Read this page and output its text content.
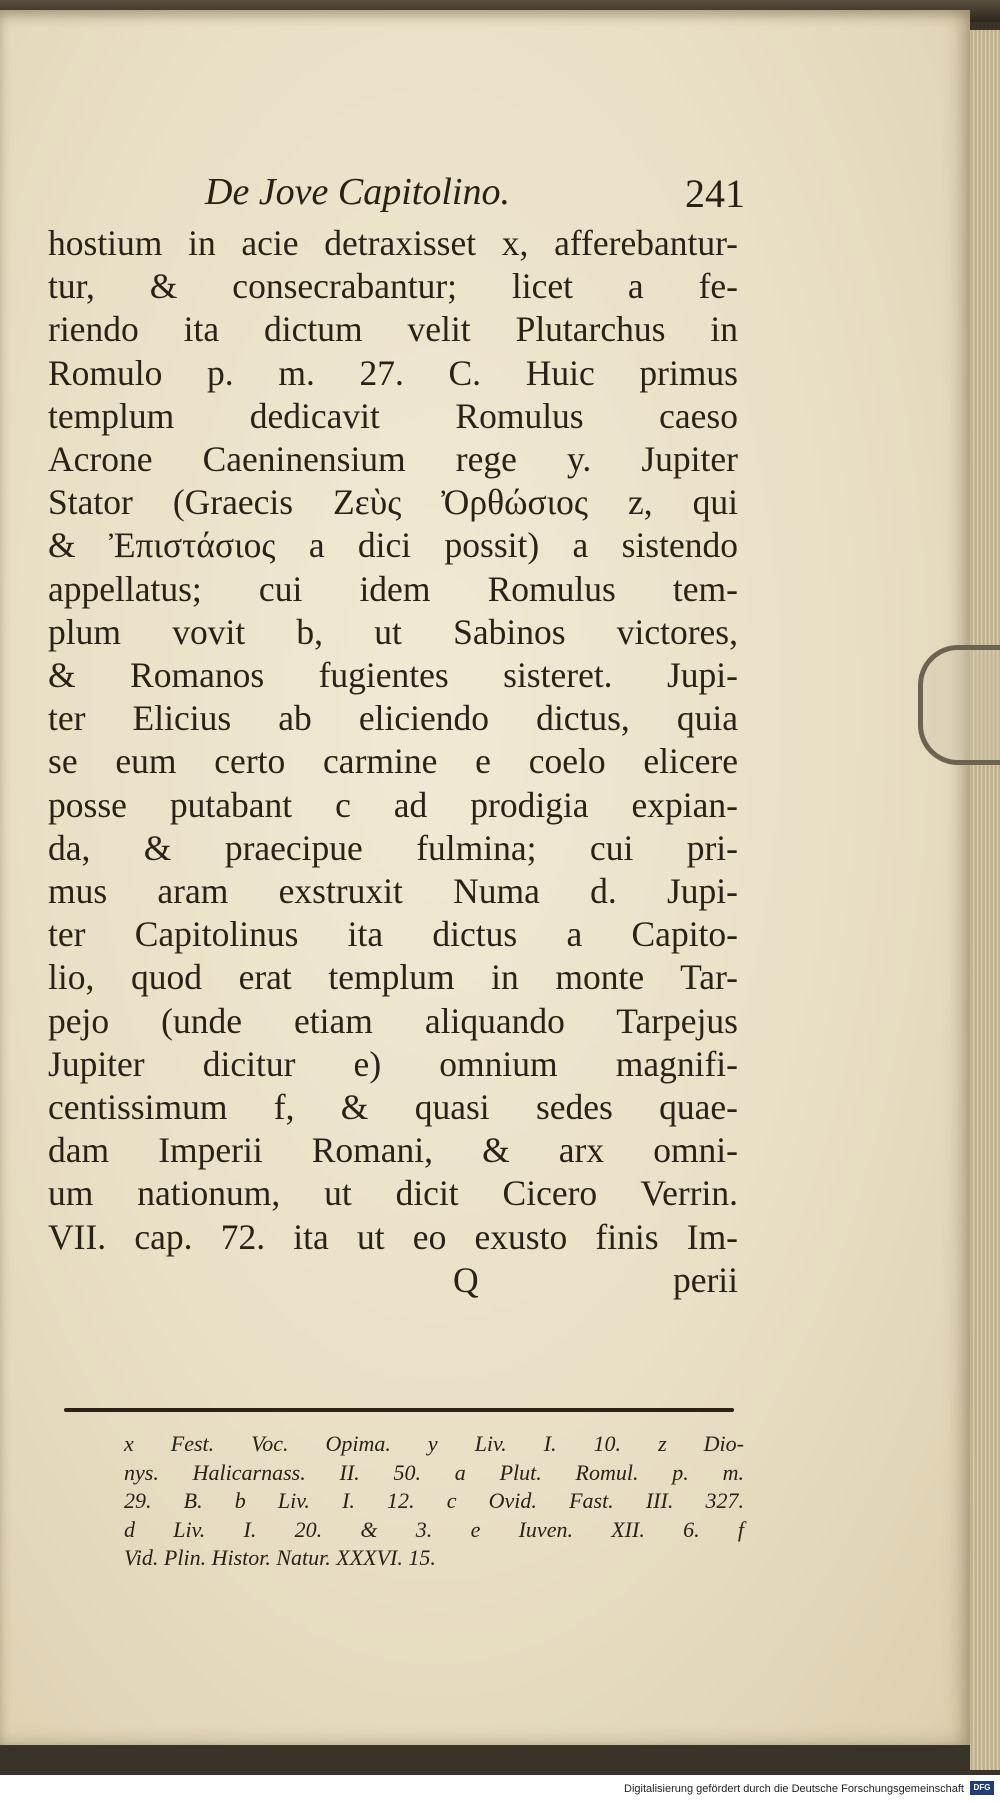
De Jove Capitolino.	241
hostium in acie detraxisset x, afferebantur-
tur, & consecrabantur; licet a fe-
riendo ita dictum velit Plutarchus in
Romulo p. m. 27. C. Huic primus
templum dedicavit Romulus caeso
Acrone Caeninensium rege y. Jupiter
Stator (Graecis Ζεὺς Ὀρθώσιος z, qui
& Ἐπιστάσιος a dici possit) a sistendo
appellatus; cui idem Romulus tem-
plum vovit b, ut Sabinos victores,
& Romanos fugientes sisteret. Jupi-
ter Elicius ab eliciendo dictus, quia
se eum certo carmine e coelo elicere
posse putabant c ad prodigia expian-
da, & praecipue fulmina; cui pri-
mus aram exstruxit Numa d. Jupi-
ter Capitolinus ita dictus a Capito-
lio, quod erat templum in monte Tar-
pejo (unde etiam aliquando Tarpejus
Jupiter dicitur e) omnium magnifi-
centissimum f, & quasi sedes quae-
dam Imperii Romani, & arx omni-
um nationum, ut dicit Cicero Verrin.
VII. cap. 72. ita ut eo exusto finis Im-
Q	perii
x Fest. Voc. Opima. y Liv. I. 10. z Dio-
nys. Halicarnass. II. 50. a Plut. Romul. p. m.
29. B. b Liv. I. 12. c Ovid. Fast. III. 327.
d Liv. I. 20. & 3. e Iuven. XII. 6. f
Vid. Plin. Histor. Natur. XXXVI. 15.
Digitalisierung gefördert durch die Deutsche Forschungsgemeinschaft	DFG
